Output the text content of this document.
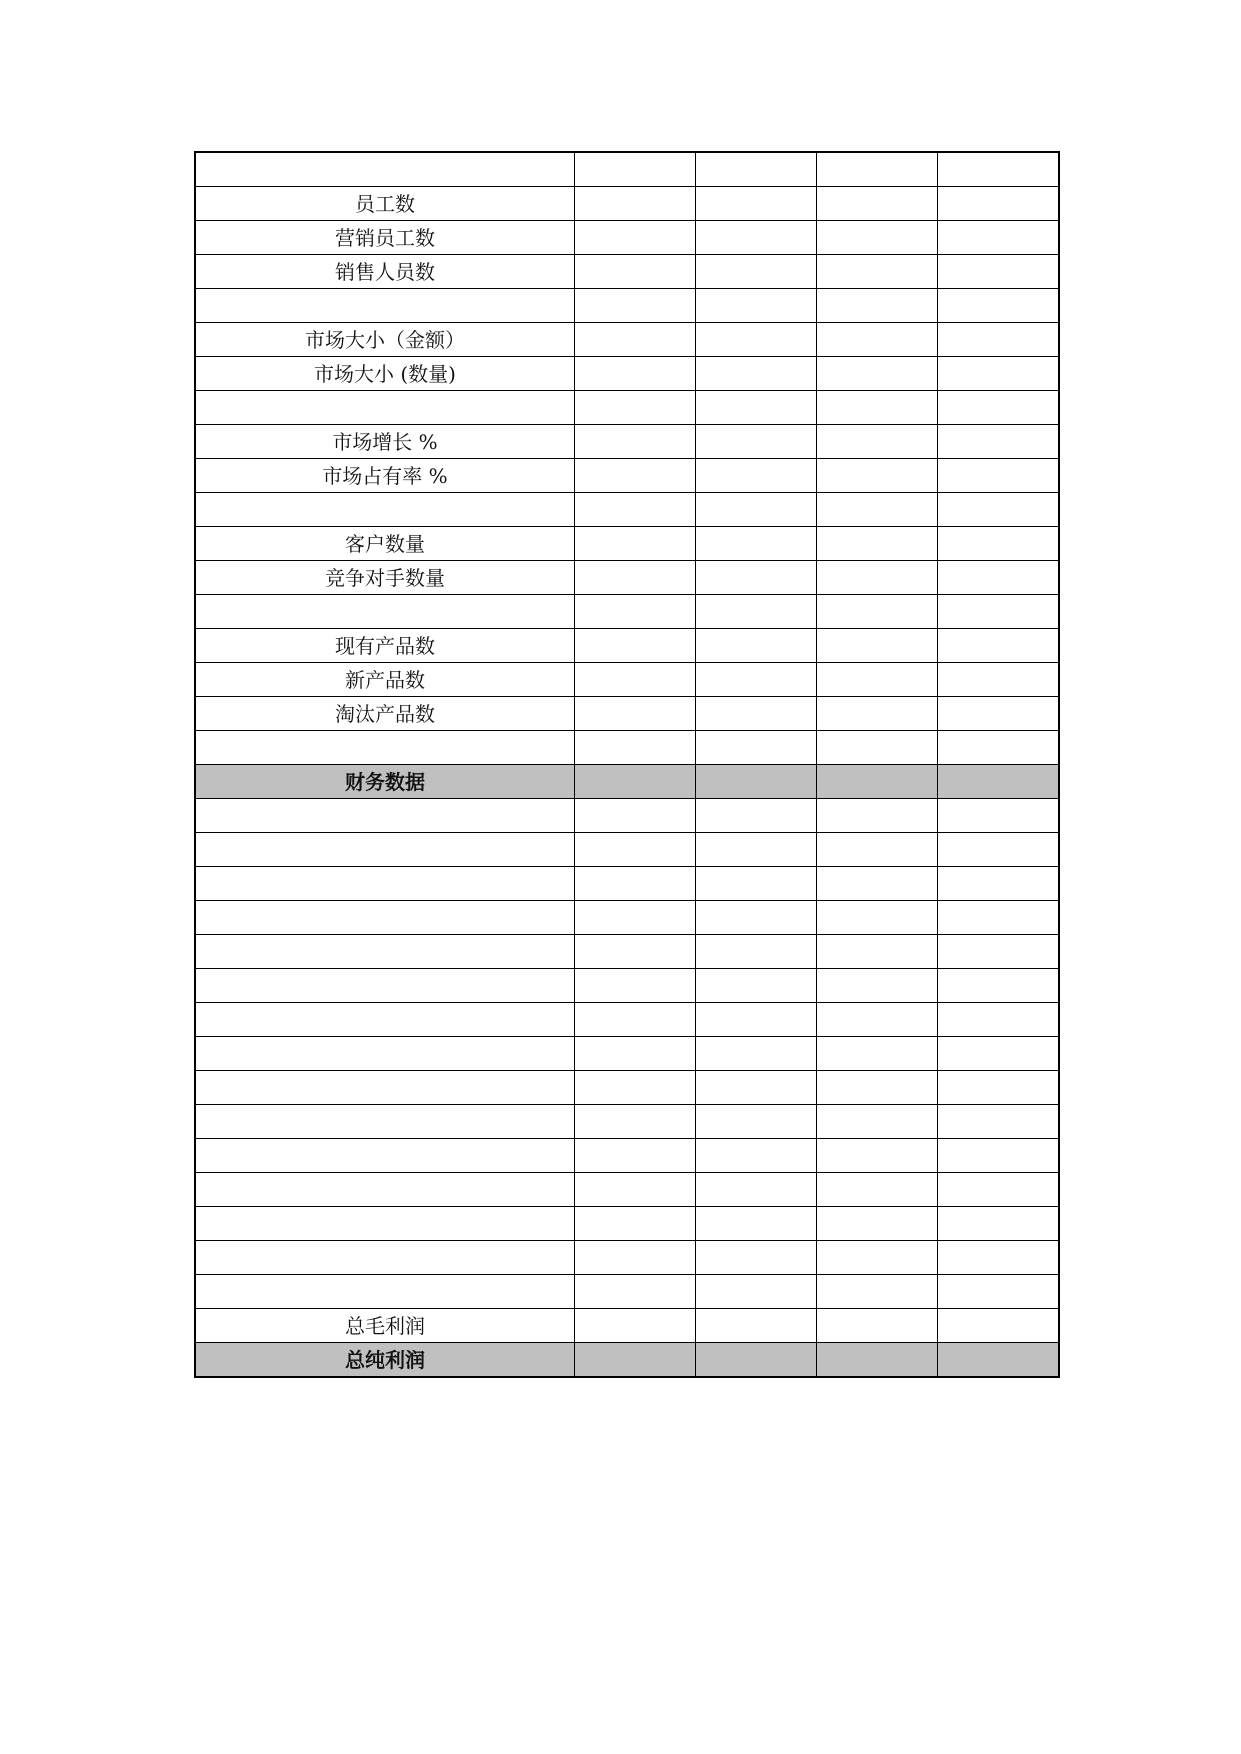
员工数				
营销员工数				
销售人员数				

市场大小（金额）				
市场大小 (数量)				

市场增长 %				
市场占有率 %				

客户数量				
竞争对手数量				

现有产品数				
新产品数				
淘汰产品数				

财务数据				

总毛利润				
总纯利润				
